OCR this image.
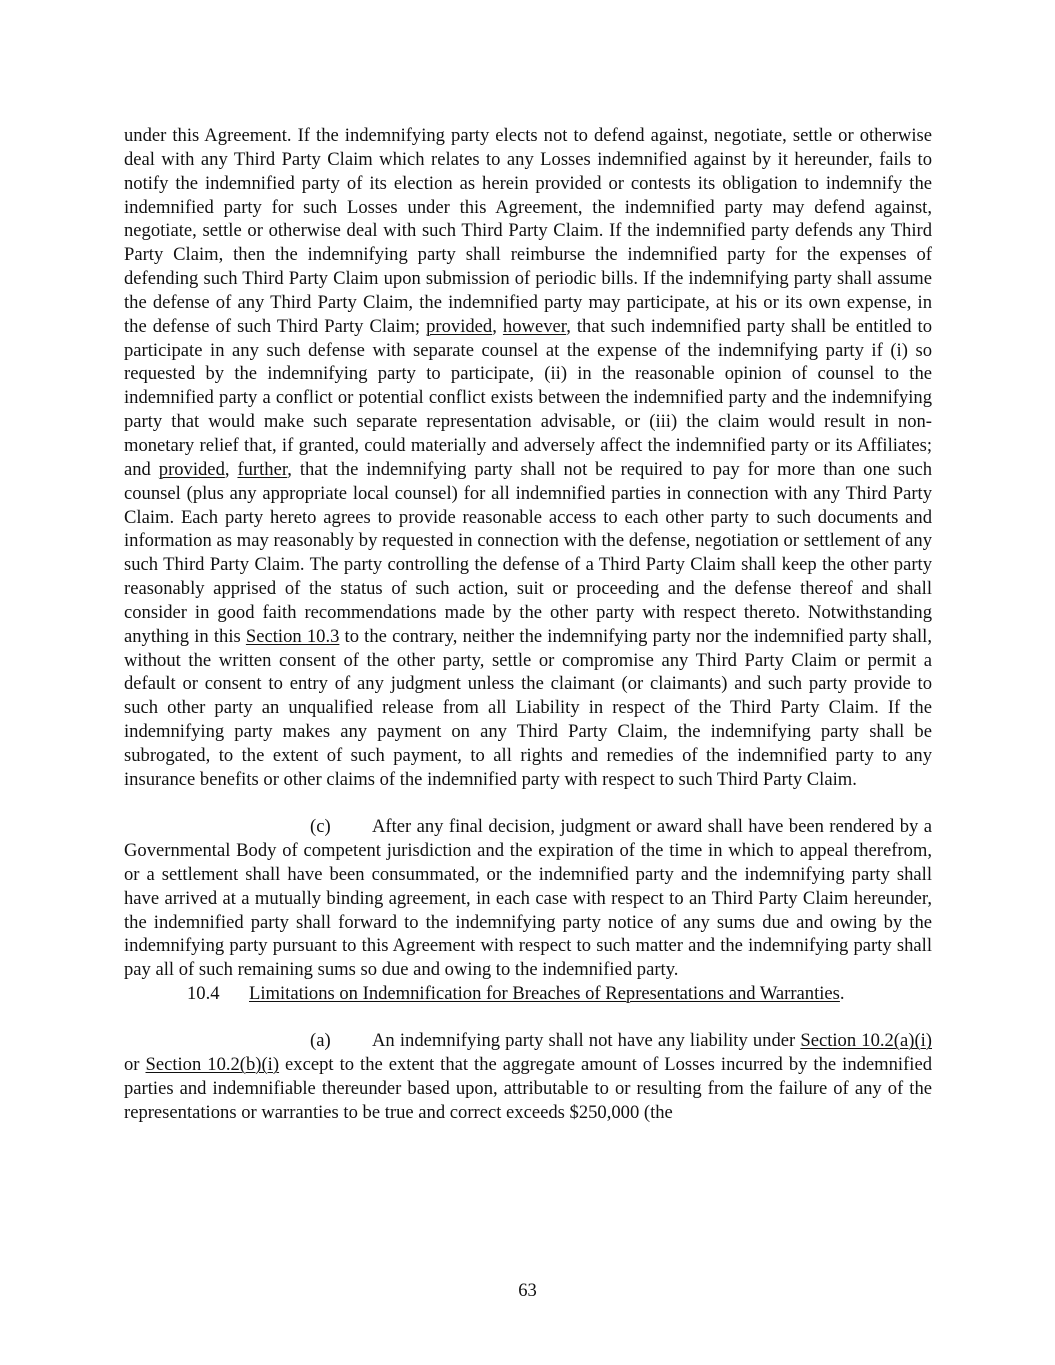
under this Agreement. If the indemnifying party elects not to defend against, negotiate, settle or otherwise deal with any Third Party Claim which relates to any Losses indemnified against by it hereunder, fails to notify the indemnified party of its election as herein provided or contests its obligation to indemnify the indemnified party for such Losses under this Agreement, the indemnified party may defend against, negotiate, settle or otherwise deal with such Third Party Claim. If the indemnified party defends any Third Party Claim, then the indemnifying party shall reimburse the indemnified party for the expenses of defending such Third Party Claim upon submission of periodic bills. If the indemnifying party shall assume the defense of any Third Party Claim, the indemnified party may participate, at his or its own expense, in the defense of such Third Party Claim; provided, however, that such indemnified party shall be entitled to participate in any such defense with separate counsel at the expense of the indemnifying party if (i) so requested by the indemnifying party to participate, (ii) in the reasonable opinion of counsel to the indemnified party a conflict or potential conflict exists between the indemnified party and the indemnifying party that would make such separate representation advisable, or (iii) the claim would result in non-monetary relief that, if granted, could materially and adversely affect the indemnified party or its Affiliates; and provided, further, that the indemnifying party shall not be required to pay for more than one such counsel (plus any appropriate local counsel) for all indemnified parties in connection with any Third Party Claim. Each party hereto agrees to provide reasonable access to each other party to such documents and information as may reasonably by requested in connection with the defense, negotiation or settlement of any such Third Party Claim. The party controlling the defense of a Third Party Claim shall keep the other party reasonably apprised of the status of such action, suit or proceeding and the defense thereof and shall consider in good faith recommendations made by the other party with respect thereto. Notwithstanding anything in this Section 10.3 to the contrary, neither the indemnifying party nor the indemnified party shall, without the written consent of the other party, settle or compromise any Third Party Claim or permit a default or consent to entry of any judgment unless the claimant (or claimants) and such party provide to such other party an unqualified release from all Liability in respect of the Third Party Claim. If the indemnifying party makes any payment on any Third Party Claim, the indemnifying party shall be subrogated, to the extent of such payment, to all rights and remedies of the indemnified party to any insurance benefits or other claims of the indemnified party with respect to such Third Party Claim.

(c) After any final decision, judgment or award shall have been rendered by a Governmental Body of competent jurisdiction and the expiration of the time in which to appeal therefrom, or a settlement shall have been consummated, or the indemnified party and the indemnifying party shall have arrived at a mutually binding agreement, in each case with respect to an Third Party Claim hereunder, the indemnified party shall forward to the indemnifying party notice of any sums due and owing by the indemnifying party pursuant to this Agreement with respect to such matter and the indemnifying party shall pay all of such remaining sums so due and owing to the indemnified party.

10.4 Limitations on Indemnification for Breaches of Representations and Warranties.

(a) An indemnifying party shall not have any liability under Section 10.2(a)(i) or Section 10.2(b)(i) except to the extent that the aggregate amount of Losses incurred by the indemnified parties and indemnifiable thereunder based upon, attributable to or resulting from the failure of any of the representations or warranties to be true and correct exceeds $250,000 (the

63
